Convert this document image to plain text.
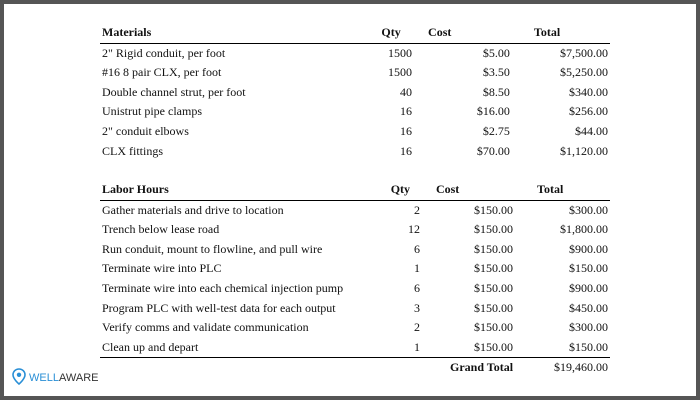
Materials	Qty	Cost	Total
2" Rigid conduit, per foot	1500	$5.00	$7,500.00
#16 8 pair CLX, per foot	1500	$3.50	$5,250.00
Double channel strut, per foot	40	$8.50	$340.00
Unistrut pipe clamps	16	$16.00	$256.00
2" conduit elbows	16	$2.75	$44.00
CLX fittings	16	$70.00	$1,120.00
Labor Hours	Qty	Cost	Total
Gather materials and drive to location	2	$150.00	$300.00
Trench below lease road	12	$150.00	$1,800.00
Run conduit, mount to flowline, and pull wire	6	$150.00	$900.00
Terminate wire into PLC	1	$150.00	$150.00
Terminate wire into each chemical injection pump	6	$150.00	$900.00
Program PLC with well-test data for each output	3	$150.00	$450.00
Verify comms and validate communication	2	$150.00	$300.00
Clean up and depart	1	$150.00	$150.00
	Grand Total		$19,460.00
WELLAWARE
